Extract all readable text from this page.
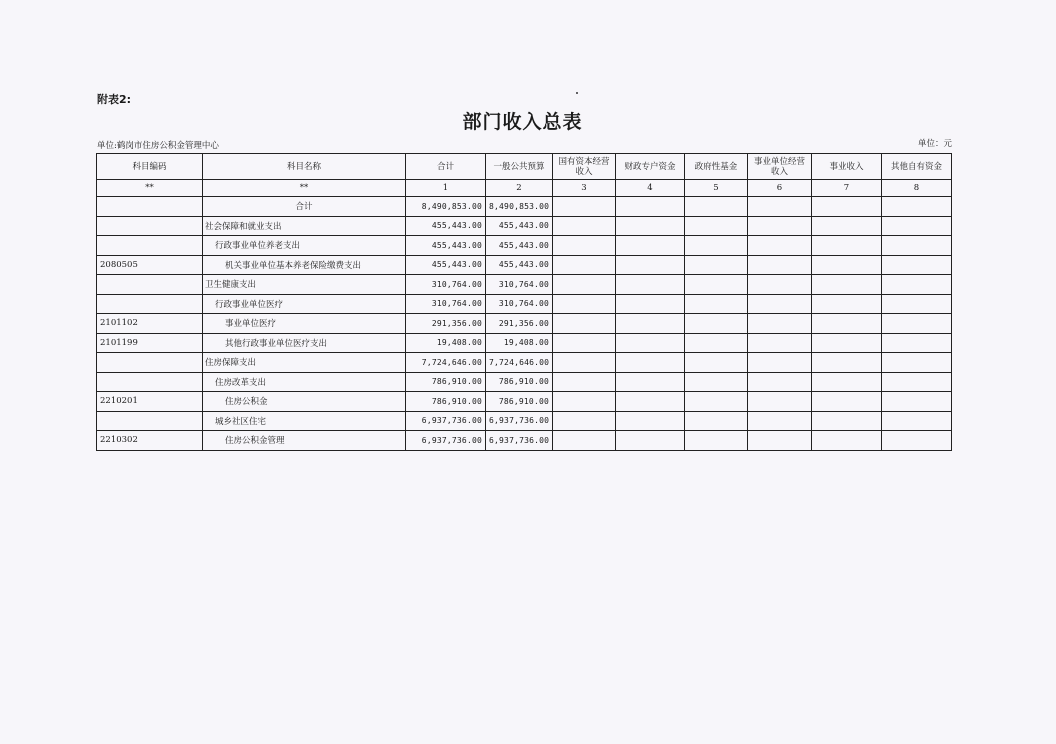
附表2:
部门收入总表
单位:鹤岗市住房公积金管理中心	单位：元
科目编码	科目名称	合计	一般公共预算	国有资本经营收入	财政专户资金	政府性基金	事业单位经营收入	事业收入	其他自有资金
**	**	1	2	3	4	5	6	7	8
	合计	8,490,853.00	8,490,853.00						
	社会保障和就业支出	455,443.00	455,443.00						
	行政事业单位养老支出	455,443.00	455,443.00						
2080505	机关事业单位基本养老保险缴费支出	455,443.00	455,443.00						
	卫生健康支出	310,764.00	310,764.00						
	行政事业单位医疗	310,764.00	310,764.00						
2101102	事业单位医疗	291,356.00	291,356.00						
2101199	其他行政事业单位医疗支出	19,408.00	19,408.00						
	住房保障支出	7,724,646.00	7,724,646.00						
	住房改革支出	786,910.00	786,910.00						
2210201	住房公积金	786,910.00	786,910.00						
	城乡社区住宅	6,937,736.00	6,937,736.00						
2210302	住房公积金管理	6,937,736.00	6,937,736.00						
